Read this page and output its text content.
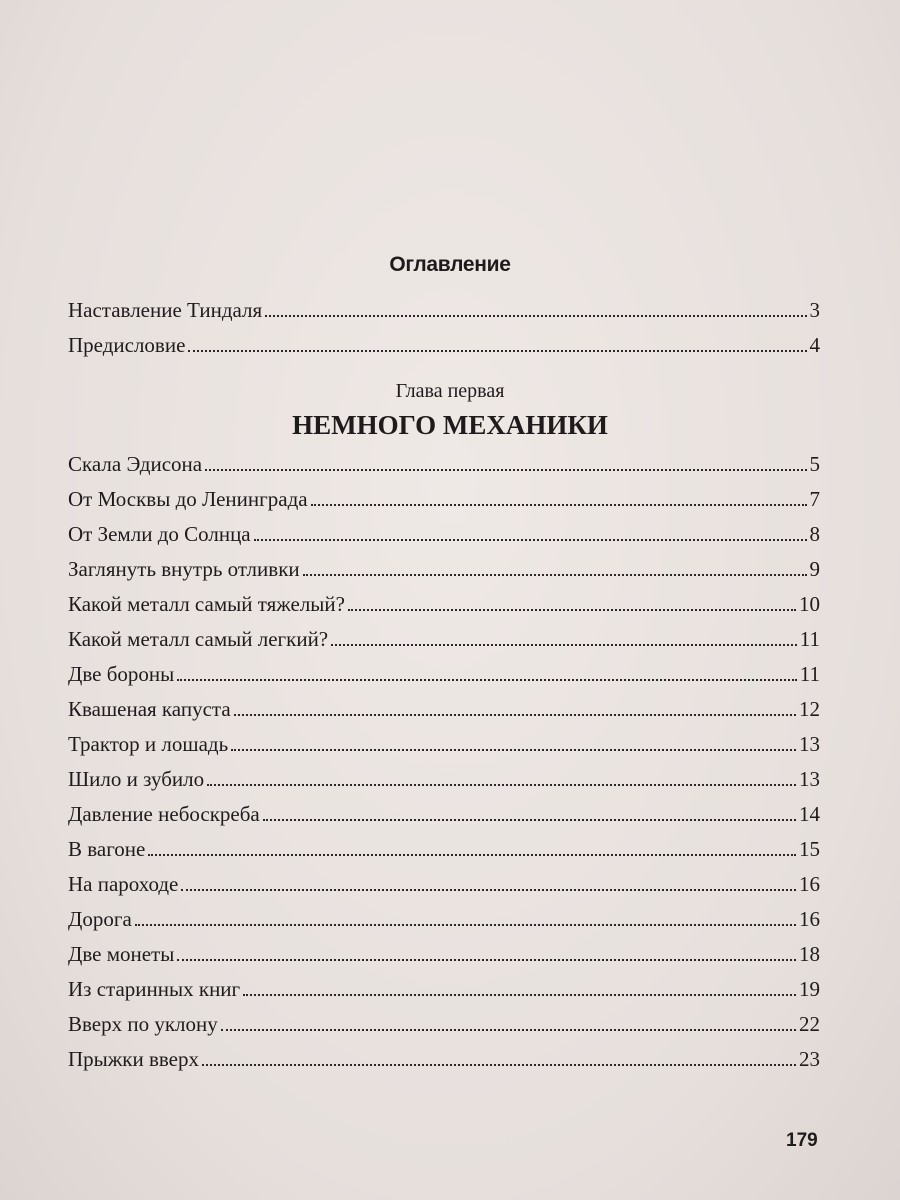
Оглавление
Наставление Тиндаля	3
Предисловие	4
Глава первая
НЕМНОГО МЕХАНИКИ
Скала Эдисона	5
От Москвы до Ленинграда	7
От Земли до Солнца	8
Заглянуть внутрь отливки	9
Какой металл самый тяжелый?	10
Какой металл самый легкий?	11
Две бороны	11
Квашеная капуста	12
Трактор и лошадь	13
Шило и зубило	13
Давление небоскреба	14
В вагоне	15
На пароходе	16
Дорога	16
Две монеты	18
Из старинных книг	19
Вверх по уклону	22
Прыжки вверх	23
179
